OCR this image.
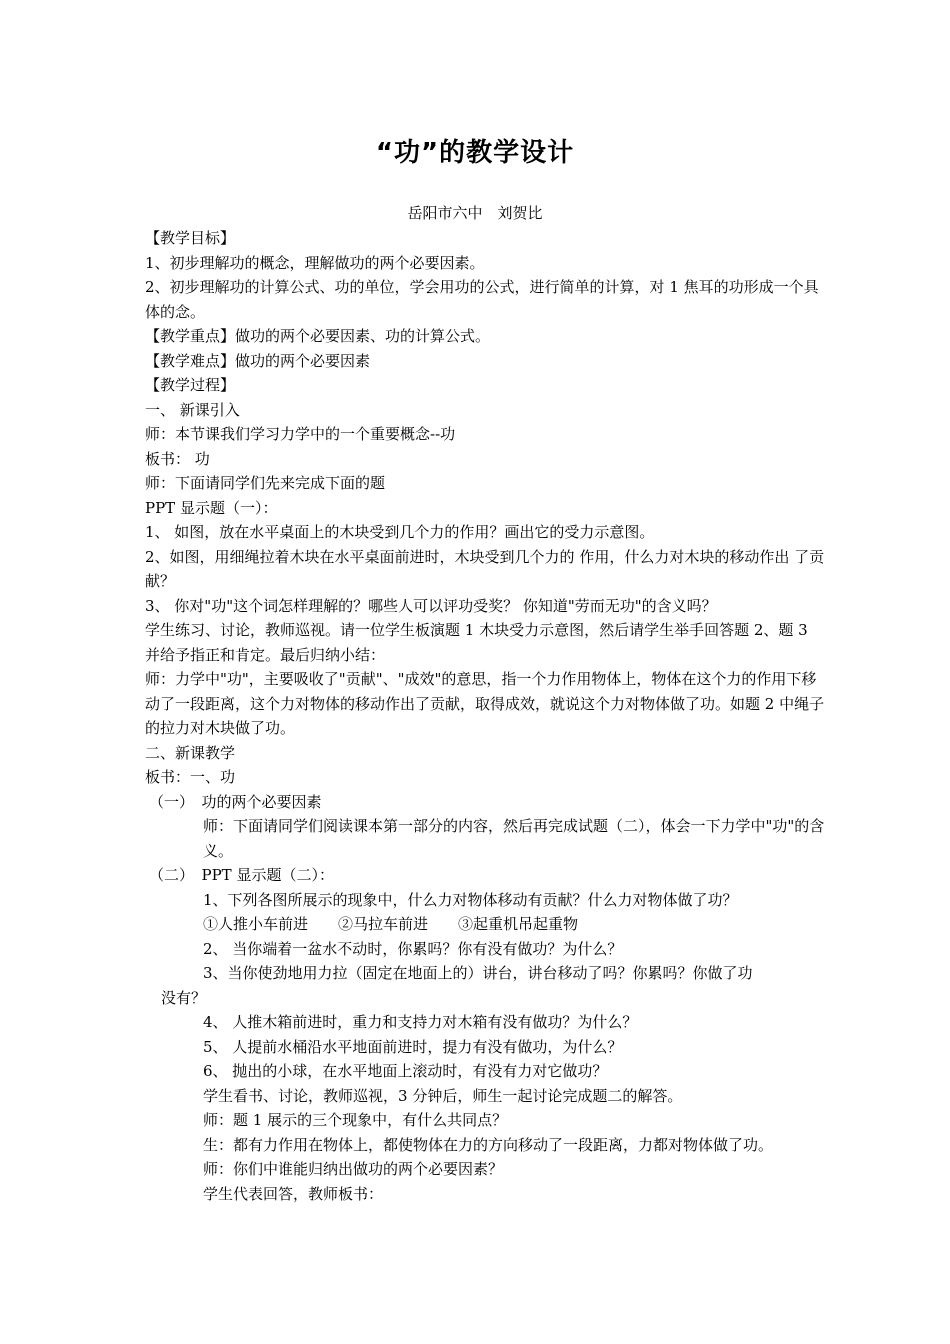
“功”的教学设计
岳阳市六中　刘贺比

【教学目标】

1、初步理解功的概念，理解做功的两个必要因素。

2、初步理解功的计算公式、功的单位，学会用功的公式，进行简单的计算，对 1 焦耳的功形成一个具体的念。

【教学重点】做功的两个必要因素、功的计算公式。

【教学难点】做功的两个必要因素

【教学过程】

一、 新课引入

师：本节课我们学习力学中的一个重要概念--功

板书： 功

师：下面请同学们先来完成下面的题

PPT 显示题（一）：

1、 如图，放在水平桌面上的木块受到几个力的作用？画出它的受力示意图。

2、如图，用细绳拉着木块在水平桌面前进时，木块受到几个力的 作用，什么力对木块的移动作出 了贡献？

3、 你对"功"这个词怎样理解的？哪些人可以评功受奖？ 你知道"劳而无功"的含义吗？

学生练习、讨论，教师巡视。请一位学生板演题 1 木块受力示意图，然后请学生举手回答题 2、题 3 并给予指正和肯定。最后归纳小结：

师：力学中"功"，主要吸收了"贡献"、"成效"的意思，指一个力作用物体上，物体在这个力的作用下移动了一段距离，这个力对物体的移动作出了贡献，取得成效，就说这个力对物体做了功。如题 2 中绳子的拉力对木块做了功。

二、新课教学

板书：一、功

（一）　功的两个必要因素

师：下面请同学们阅读课本第一部分的内容，然后再完成试题（二），体会一下力学中"功"的含义。

（二）　PPT 显示题（二）：

1、下列各图所展示的现象中，什么力对物体移动有贡献？什么力对物体做了功？

①人推小车前进　　②马拉车前进　　③起重机吊起重物

2、 当你端着一盆水不动时，你累吗？你有没有做功？为什么？

3、当你使劲地用力拉（固定在地面上的）讲台，讲台移动了吗？你累吗？你做了功

没有？

4、 人推木箱前进时，重力和支持力对木箱有没有做功？为什么？

5、 人提前水桶沿水平地面前进时，提力有没有做功，为什么？

6、 抛出的小球，在水平地面上滚动时，有没有力对它做功？

学生看书、讨论，教师巡视，3 分钟后，师生一起讨论完成题二的解答。

师：题 1 展示的三个现象中，有什么共同点？

生：都有力作用在物体上，都使物体在力的方向移动了一段距离，力都对物体做了功。

师：你们中谁能归纳出做功的两个必要因素？

学生代表回答，教师板书：
